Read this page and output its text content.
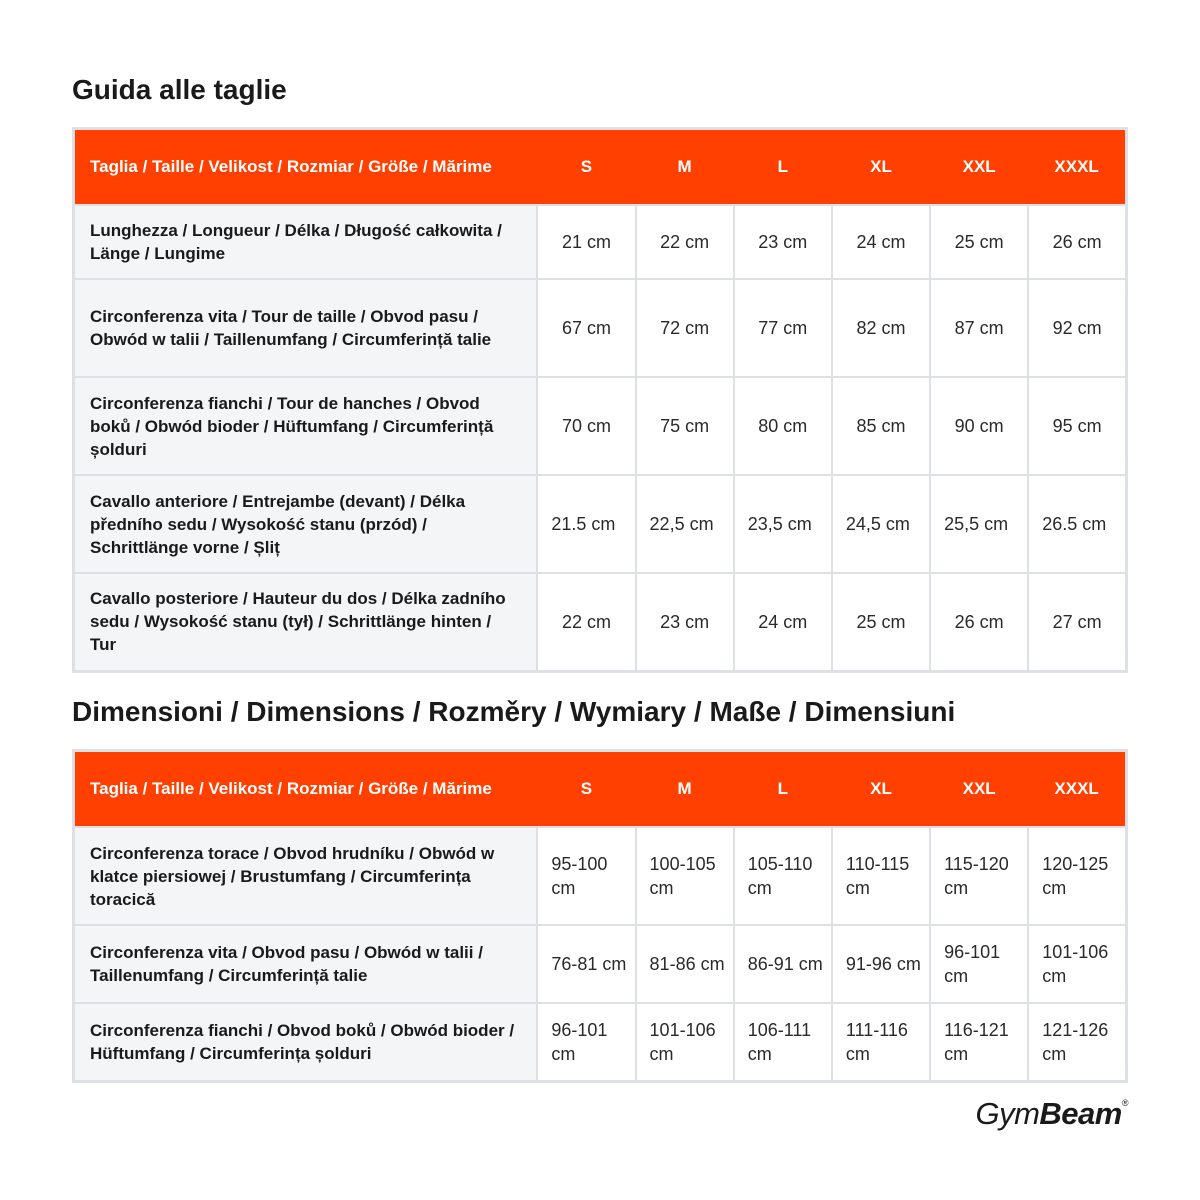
Guida alle taglie
Taglia / Taille / Velikost / Rozmiar / Größe / Mărime	S	M	L	XL	XXL	XXXL
Lunghezza / Longueur / Délka / Długość całkowita / Länge / Lungime	21 cm	22 cm	23 cm	24 cm	25 cm	26 cm
Circonferenza vita / Tour de taille / Obvod pasu / Obwód w talii / Taillenumfang / Circumferință talie	67 cm	72 cm	77 cm	82 cm	87 cm	92 cm
Circonferenza fianchi / Tour de hanches / Obvod boků / Obwód bioder / Hüftumfang / Circumferință șolduri	70 cm	75 cm	80 cm	85 cm	90 cm	95 cm
Cavallo anteriore / Entrejambe (devant) / Délka předního sedu / Wysokość stanu (przód) / Schrittlänge vorne / Șliț	21.5 cm	22,5 cm	23,5 cm	24,5 cm	25,5 cm	26.5 cm
Cavallo posteriore / Hauteur du dos / Délka zadního sedu / Wysokość stanu (tył) / Schrittlänge hinten / Tur	22 cm	23 cm	24 cm	25 cm	26 cm	27 cm
Dimensioni / Dimensions / Rozměry / Wymiary / Maße / Dimensiuni
Taglia / Taille / Velikost / Rozmiar / Größe / Mărime	S	M	L	XL	XXL	XXXL
Circonferenza torace / Obvod hrudníku / Obwód w klatce piersiowej / Brustumfang / Circumferința toracică	95-100 cm	100-105 cm	105-110 cm	110-115 cm	115-120 cm	120-125 cm
Circonferenza vita / Obvod pasu / Obwód w talii / Taillenumfang / Circumferință talie	76-81 cm	81-86 cm	86-91 cm	91-96 cm	96-101 cm	101-106 cm
Circonferenza fianchi / Obvod boků / Obwód bioder / Hüftumfang / Circumferința șolduri	96-101 cm	101-106 cm	106-111 cm	111-116 cm	116-121 cm	121-126 cm
GymBeam®
